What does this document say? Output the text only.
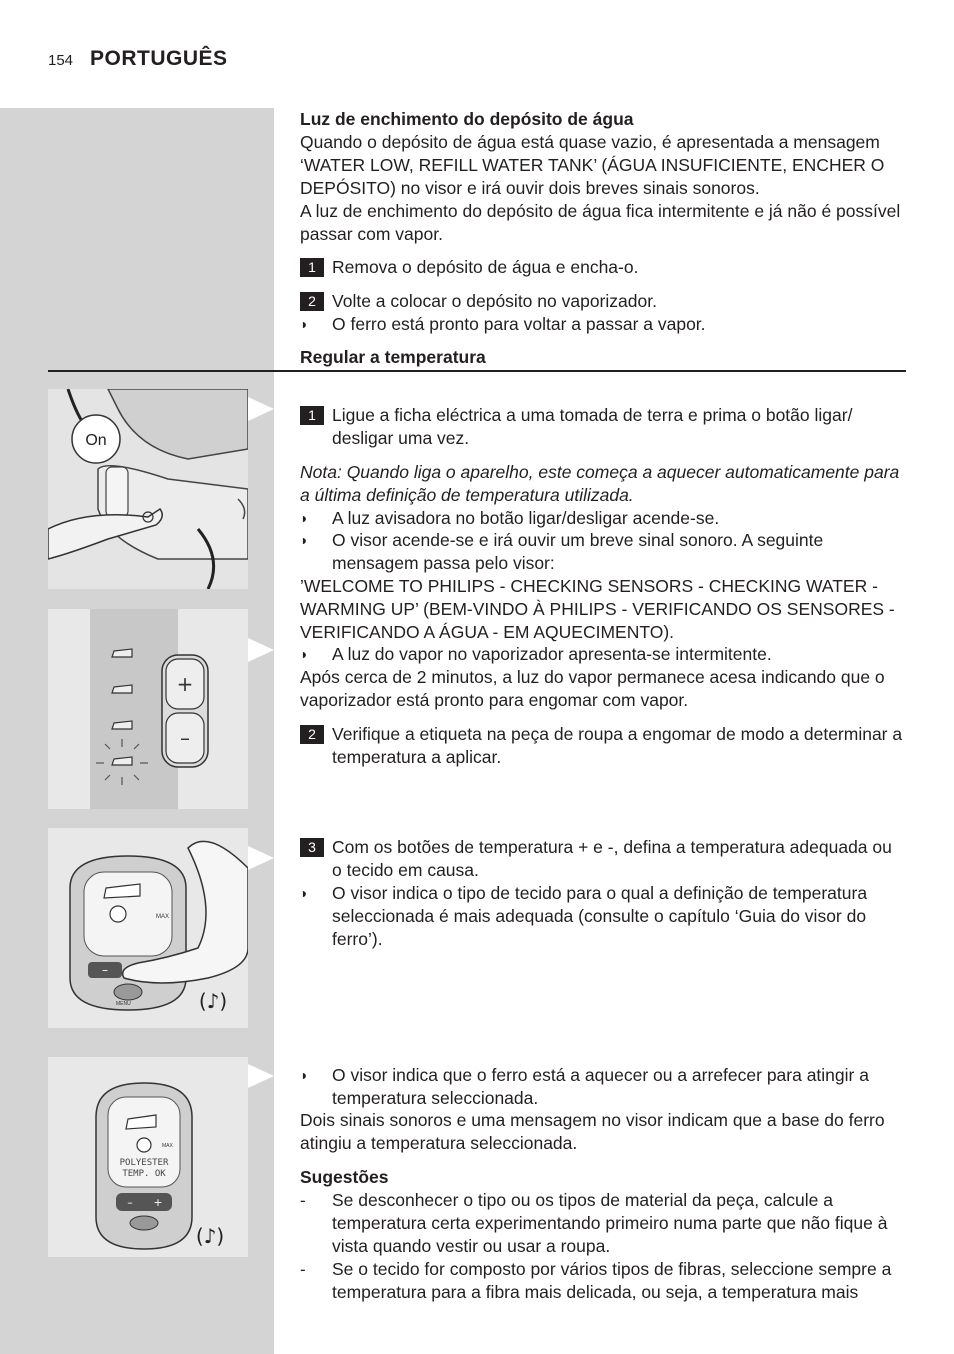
154 PORTUGUÊS
Luz de enchimento do depósito de água
Quando o depósito de água está quase vazio, é apresentada a mensagem ‘WATER LOW, REFILL WATER TANK’ (ÁGUA INSUFICIENTE, ENCHER O DEPÓSITO) no visor e irá ouvir dois breves sinais sonoros.
A luz de enchimento do depósito de água fica intermitente e já não é possível passar com vapor.
1 Remova o depósito de água e encha-o.
2 Volte a colocar o depósito no vaporizador.
◗ O ferro está pronto para voltar a passar a vapor.
Regular a temperatura
On
+
–
1 Ligue a ficha eléctrica a uma tomada de terra e prima o botão ligar/ desligar uma vez.
Nota: Quando liga o aparelho, este começa a aquecer automaticamente para a última definição de temperatura utilizada.
◗ A luz avisadora no botão ligar/desligar acende-se.
◗ O visor acende-se e irá ouvir um breve sinal sonoro. A seguinte mensagem passa pelo visor:
’WELCOME TO PHILIPS - CHECKING SENSORS - CHECKING WATER - WARMING UP’ (BEM-VINDO À PHILIPS - VERIFICANDO OS SENSORES - VERIFICANDO A ÁGUA - EM AQUECIMENTO).
◗ A luz do vapor no vaporizador apresenta-se intermitente.
Após cerca de 2 minutos, a luz do vapor permanece acesa indicando que o vaporizador está pronto para engomar com vapor.
2 Verifique a etiqueta na peça de roupa a engomar de modo a determinar a temperatura a aplicar.
MAX
–
MENU	(♪)
3 Com os botões de temperatura + e -, defina a temperatura adequada ou o tecido em causa.
◗ O visor indica o tipo de tecido para o qual a definição de temperatura seleccionada é mais adequada (consulte o capítulo ‘Guia do visor do ferro’).
MAX
POLYESTER
TEMP. OK
– +
(♪)
◗ O visor indica que o ferro está a aquecer ou a arrefecer para atingir a temperatura seleccionada.
Dois sinais sonoros e uma mensagem no visor indicam que a base do ferro atingiu a temperatura seleccionada.
Sugestões
- Se desconhecer o tipo ou os tipos de material da peça, calcule a temperatura certa experimentando primeiro numa parte que não fique à vista quando vestir ou usar a roupa.
- Se o tecido for composto por vários tipos de fibras, seleccione sempre a temperatura para a fibra mais delicada, ou seja, a temperatura mais
